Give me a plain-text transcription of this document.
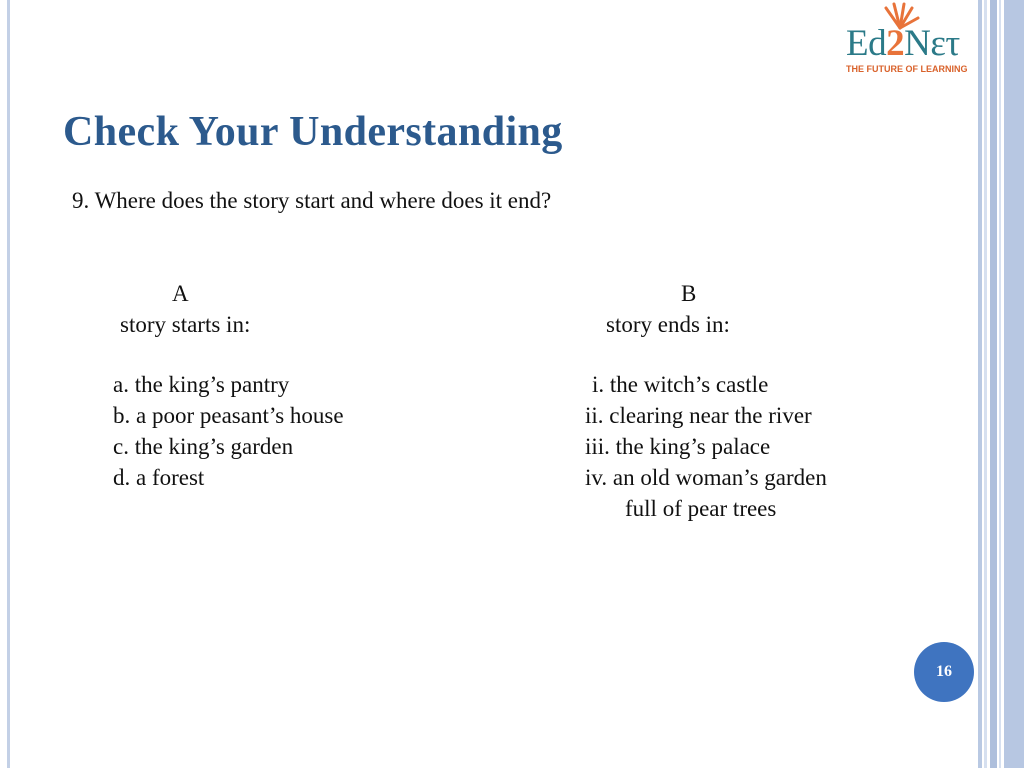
Ed2Nετ
THE FUTURE OF LEARNING
Check Your Understanding
9. Where does the story start and where does it end?
A
story starts in:
a. the king’s pantry
b. a poor peasant’s house
c. the king’s garden
d. a forest
B
story ends in:
i. the witch’s castle
ii. clearing near the river
iii. the king’s palace
iv. an old woman’s garden
full of pear trees
16
